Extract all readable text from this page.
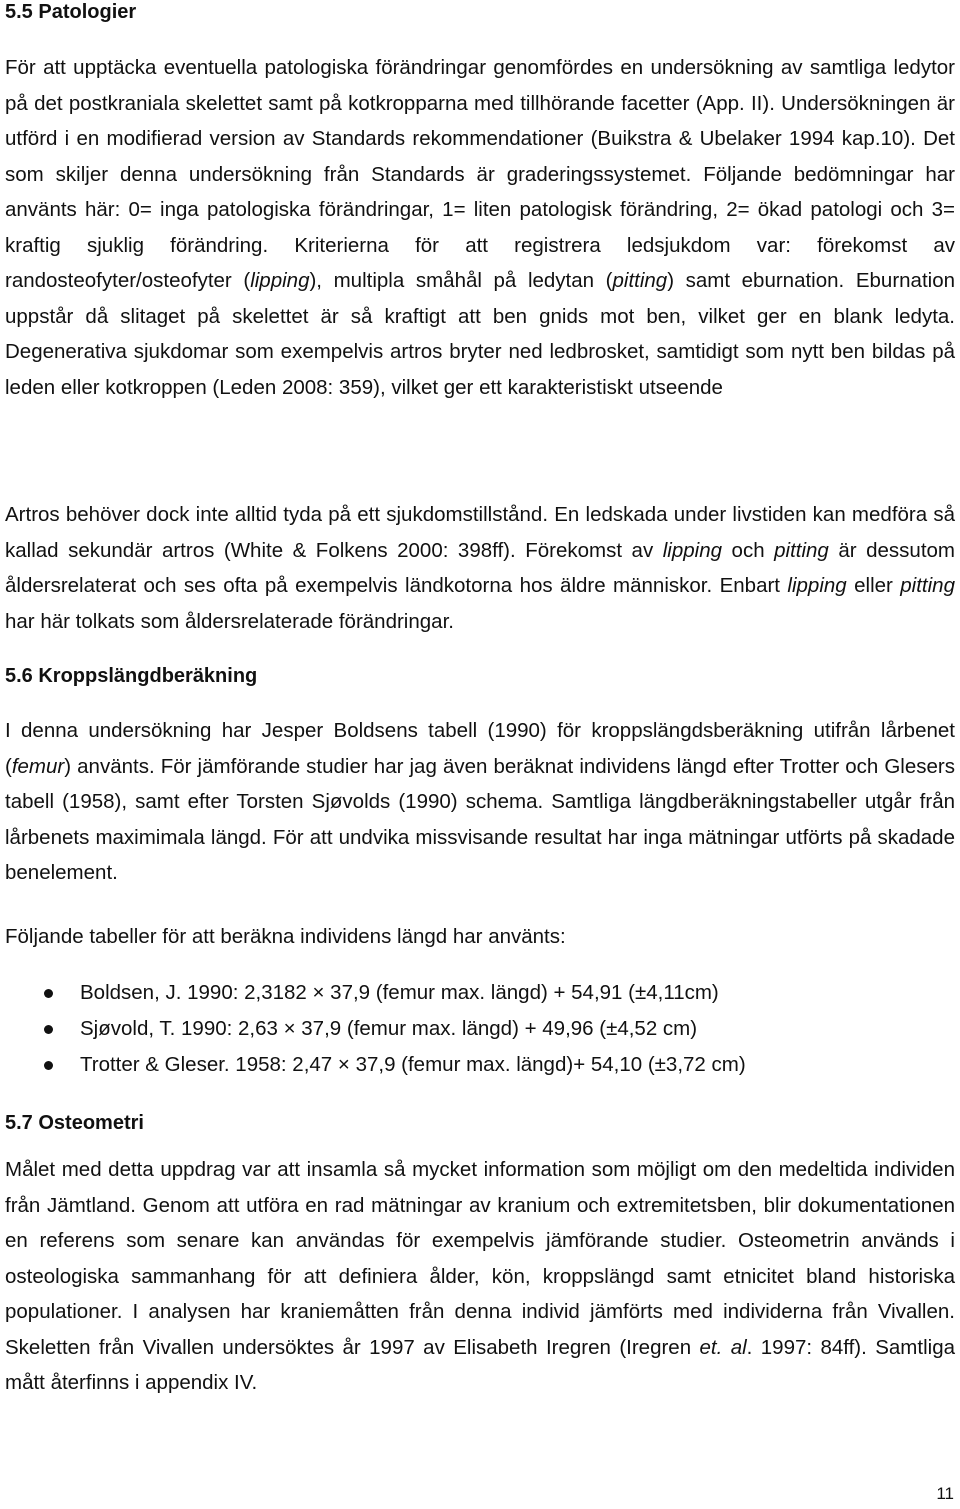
5.5 Patologier

För att upptäcka eventuella patologiska förändringar genomfördes en undersökning av samtliga ledytor på det postkraniala skelettet samt på kotkropparna med tillhörande facetter (App. II). Undersökningen är utförd i en modifierad version av Standards rekommendationer (Buikstra & Ubelaker 1994 kap.10). Det som skiljer denna undersökning från Standards är graderingssystemet. Följande bedömningar har använts här: 0= inga patologiska förändringar, 1= liten patologisk förändring, 2= ökad patologi och 3= kraftig sjuklig förändring. Kriterierna för att registrera ledsjukdom var: förekomst av randosteofyter/osteofyter (lipping), multipla småhål på ledytan (pitting) samt eburnation. Eburnation uppstår då slitaget på skelettet är så kraftigt att ben gnids mot ben, vilket ger en blank ledyta. Degenerativa sjukdomar som exempelvis artros bryter ned ledbrosket, samtidigt som nytt ben bildas på leden eller kotkroppen (Leden 2008: 359), vilket ger ett karakteristiskt utseende

Artros behöver dock inte alltid tyda på ett sjukdomstillstånd. En ledskada under livstiden kan medföra så kallad sekundär artros (White & Folkens 2000: 398ff). Förekomst av lipping och pitting är dessutom åldersrelaterat och ses ofta på exempelvis ländkotorna hos äldre människor. Enbart lipping eller pitting har här tolkats som åldersrelaterade förändringar.

5.6 Kroppslängdberäkning

I denna undersökning har Jesper Boldsens tabell (1990) för kroppslängdsberäkning utifrån lårbenet (femur) använts. För jämförande studier har jag även beräknat individens längd efter Trotter och Glesers tabell (1958), samt efter Torsten Sjøvolds (1990) schema. Samtliga längdberäkningstabeller utgår från lårbenets maximimala längd. För att undvika missvisande resultat har inga mätningar utförts på skadade benelement.

Följande tabeller för att beräkna individens längd har använts:

Boldsen, J. 1990: 2,3182 × 37,9 (femur max. längd) + 54,91 (±4,11cm)
Sjøvold, T. 1990: 2,63 × 37,9 (femur max. längd) + 49,96 (±4,52 cm)
Trotter & Gleser. 1958: 2,47 × 37,9 (femur max. längd)+ 54,10 (±3,72 cm)
5.7 Osteometri

Målet med detta uppdrag var att insamla så mycket information som möjligt om den medeltida individen från Jämtland. Genom att utföra en rad mätningar av kranium och extremitetsben, blir dokumentationen en referens som senare kan användas för exempelvis jämförande studier. Osteometrin används i osteologiska sammanhang för att definiera ålder, kön, kroppslängd samt etnicitet bland historiska populationer. I analysen har kraniemåtten från denna individ jämförts med individerna från Vivallen. Skeletten från Vivallen undersöktes år 1997 av Elisabeth Iregren (Iregren et. al. 1997: 84ff). Samtliga mått återfinns i appendix IV.

11
